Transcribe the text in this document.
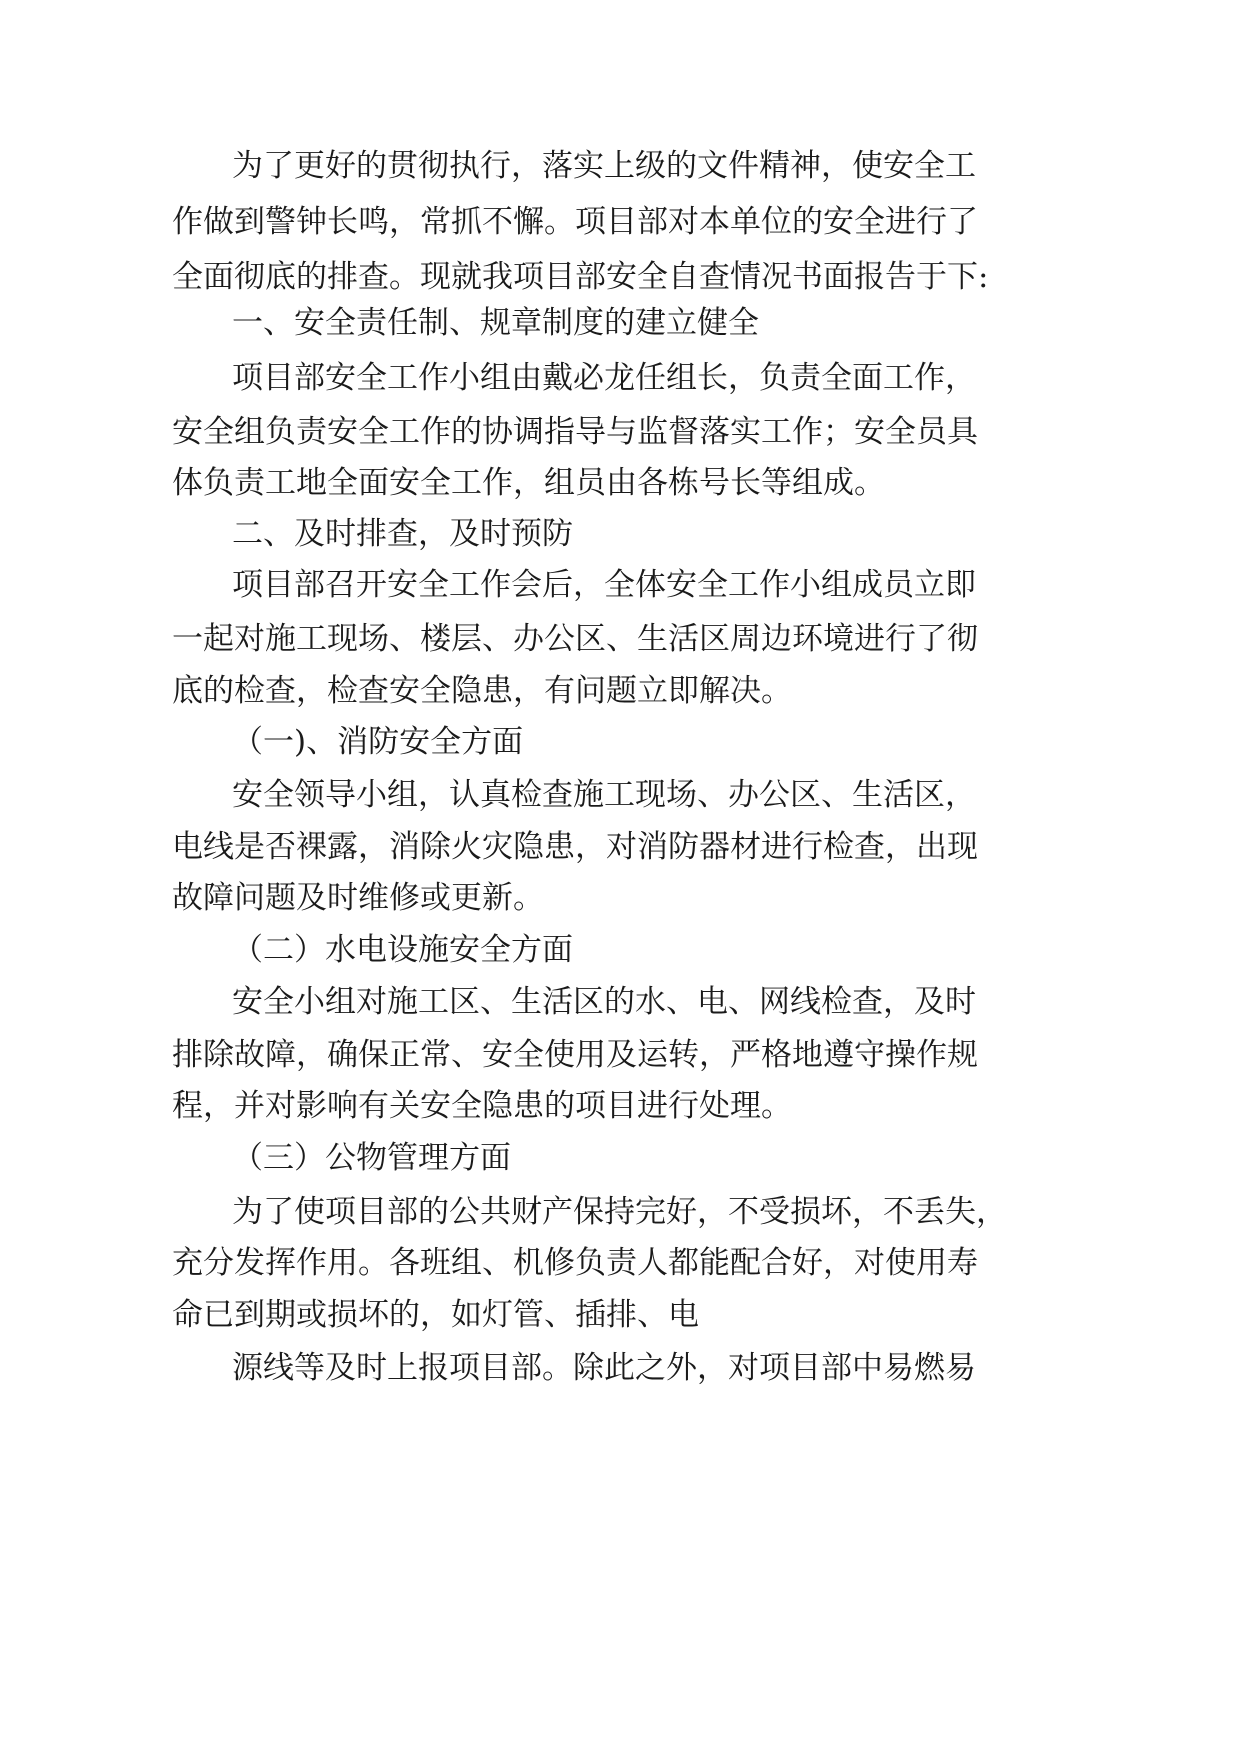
为了更好的贯彻执行，落实上级的文件精神，使安全工
作做到警钟长鸣，常抓不懈。项目部对本单位的安全进行了
全面彻底的排查。现就我项目部安全自查情况书面报告于下:
一、安全责任制、规章制度的建立健全
项目部安全工作小组由戴必龙任组长，负责全面工作，
安全组负责安全工作的协调指导与监督落实工作；安全员具
体负责工地全面安全工作，组员由各栋号长等组成。
二、及时排查，及时预防
项目部召开安全工作会后，全体安全工作小组成员立即
一起对施工现场、楼层、办公区、生活区周边环境进行了彻
底的检查，检查安全隐患，有问题立即解决。
（一)、消防安全方面
安全领导小组，认真检查施工现场、办公区、生活区，
电线是否裸露，消除火灾隐患，对消防器材进行检查，出现
故障问题及时维修或更新。
（二）水电设施安全方面
安全小组对施工区、生活区的水、电、网线检查，及时
排除故障，确保正常、安全使用及运转，严格地遵守操作规
程，并对影响有关安全隐患的项目进行处理。
（三）公物管理方面
为了使项目部的公共财产保持完好，不受损坏，不丢失，
充分发挥作用。各班组、机修负责人都能配合好，对使用寿
命已到期或损坏的，如灯管、插排、电
源线等及时上报项目部。除此之外，对项目部中易燃易
